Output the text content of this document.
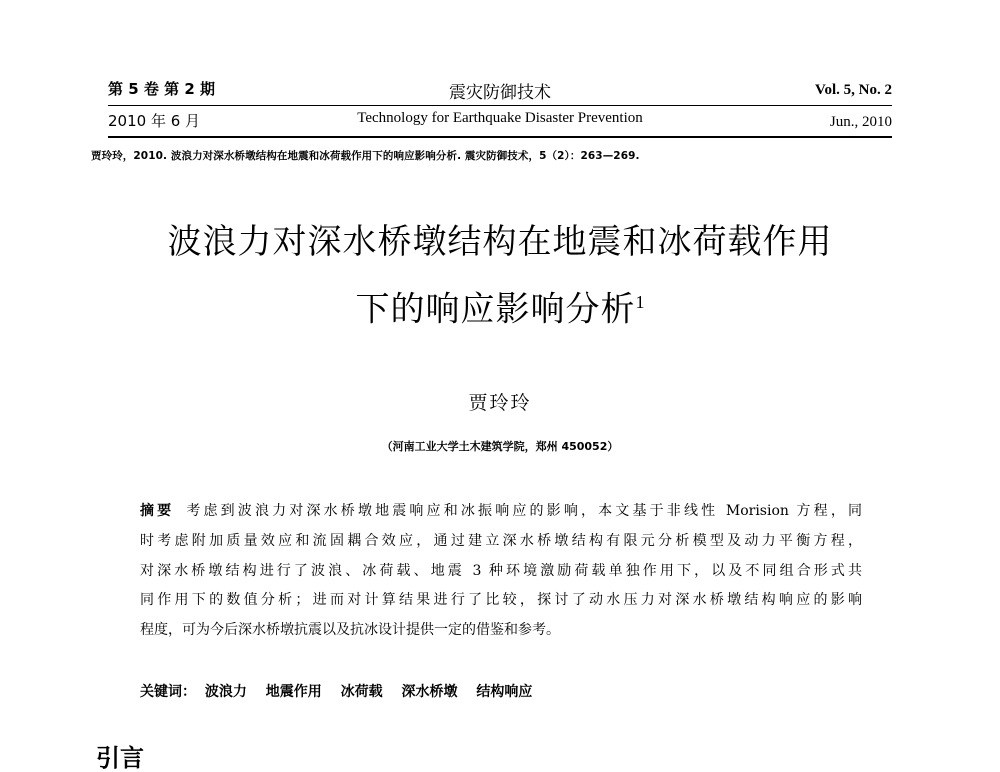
第 5 卷 第 2 期	Vol. 5, No. 2
震灾防御技术
2010 年 6 月	Jun., 2010
Technology for Earthquake Disaster Prevention
贾玲玲，2010. 波浪力对深水桥墩结构在地震和冰荷载作用下的响应影响分析. 震灾防御技术，5（2）：263—269.
波浪力对深水桥墩结构在地震和冰荷载作用
下的响应影响分析$^1$
贾玲玲
（河南工业大学土木建筑学院，郑州 450052）
摘要 考虑到波浪力对深水桥墩地震响应和冰振响应的影响，本文基于非线性 Morision 方程，同
时考虑附加质量效应和流固耦合效应，通过建立深水桥墩结构有限元分析模型及动力平衡方程，
对深水桥墩结构进行了波浪、冰荷载、地震 3 种环境激励荷载单独作用下，以及不同组合形式共
同作用下的数值分析；进而对计算结果进行了比较，探讨了动水压力对深水桥墩结构响应的影响
程度，可为今后深水桥墩抗震以及抗冰设计提供一定的借鉴和参考。
关键词： 波浪力 地震作用 冰荷载 深水桥墩 结构响应
引言
